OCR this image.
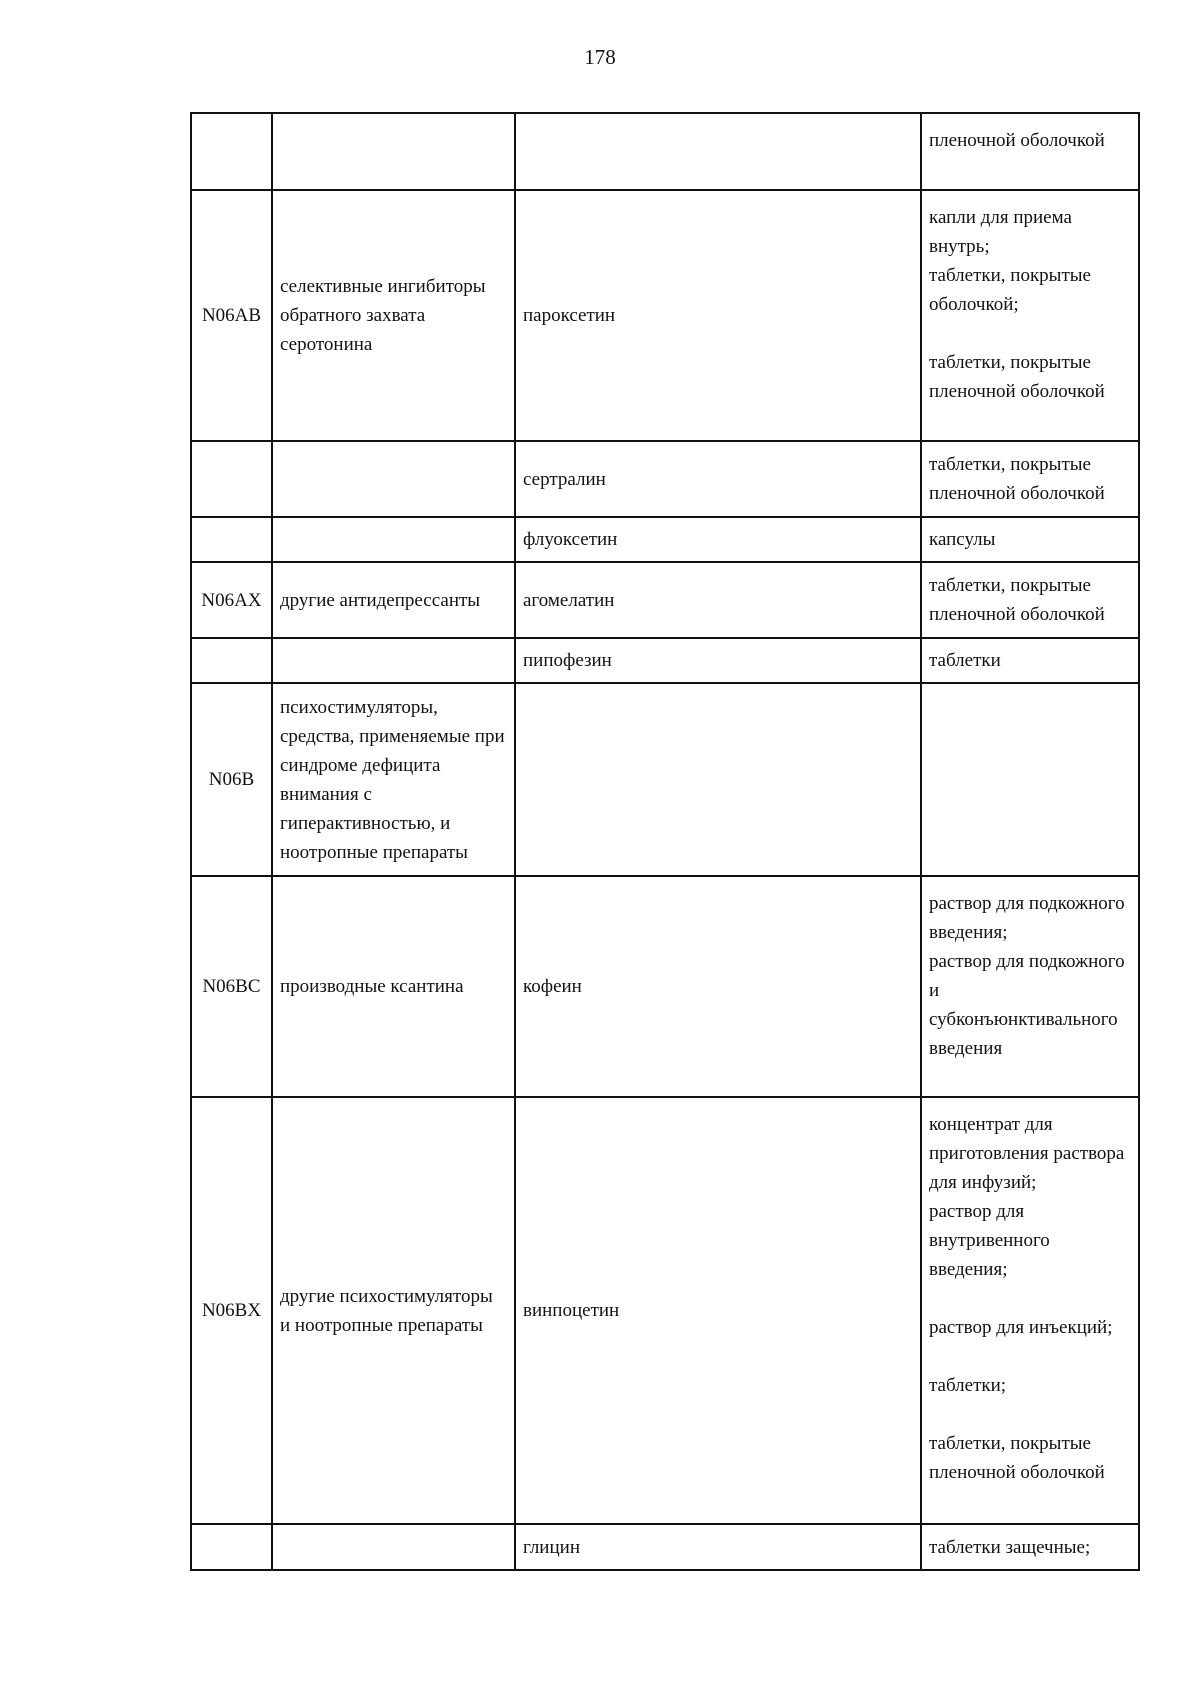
178

			пленочной оболочкой

N06AB	селективные ингибиторы обратного захвата серотонина	пароксетин	капли для приема внутрь;
таблетки, покрытые оболочкой;
таблетки, покрытые пленочной оболочкой

		сертралин	таблетки, покрытые пленочной оболочкой

		флуоксетин	капсулы

N06AX	другие антидепрессанты	агомелатин	таблетки, покрытые пленочной оболочкой

		пипофезин	таблетки

N06B	психостимуляторы, средства, применяемые при синдроме дефицита внимания с гиперактивностью, и ноотропные препараты		
N06BC	производные ксантина	кофеин	раствор для подкожного введения;
раствор для подкожного и субконъюнктивального введения

N06BX	другие психостимуляторы и ноотропные препараты	винпоцетин	концентрат для приготовления раствора для инфузий;
раствор для внутривенного введения;
раствор для инъекций;
таблетки;
таблетки, покрытые пленочной оболочкой

		глицин	таблетки защечные;
